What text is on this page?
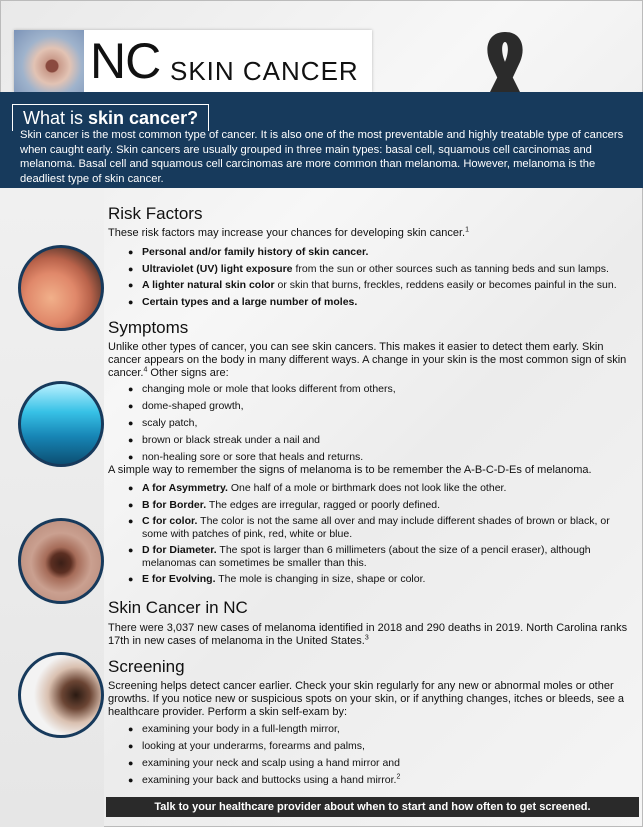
NC SKIN CANCER
What is skin cancer?
Skin cancer is the most common type of cancer. It is also one of the most preventable and highly treatable type of cancers when caught early. Skin cancers are usually grouped in three main types: basal cell, squamous cell carcinomas and melanoma. Basal cell and squamous cell carcinomas are more common than melanoma. However, melanoma is the deadliest type of skin cancer.
Risk Factors
These risk factors may increase your chances for developing skin cancer.$^1$
● Personal and/or family history of skin cancer.
● Ultraviolet (UV) light exposure from the sun or other sources such as tanning beds and sun lamps.
● A lighter natural skin color or skin that burns, freckles, reddens easily or becomes painful in the sun.
● Certain types and a large number of moles.
Symptoms
Unlike other types of cancer, you can see skin cancers. This makes it easier to detect them early. Skin cancer appears on the body in many different ways. A change in your skin is the most common sign of skin cancer.$^4$ Other signs are:
● changing mole or mole that looks different from others,
● dome-shaped growth,
● scaly patch,
● brown or black streak under a nail and
● non-healing sore or sore that heals and returns.
A simple way to remember the signs of melanoma is to be remember the A-B-C-D-Es of melanoma.
● A for Asymmetry. One half of a mole or birthmark does not look like the other.
● B for Border. The edges are irregular, ragged or poorly defined.
● C for color. The color is not the same all over and may include different shades of brown or black, or some with patches of pink, red, white or blue.
● D for Diameter. The spot is larger than 6 millimeters (about the size of a pencil eraser), although melanomas can sometimes be smaller than this.
● E for Evolving. The mole is changing in size, shape or color.
Skin Cancer in NC
There were 3,037 new cases of melanoma identified in 2018 and 290 deaths in 2019. North Carolina ranks 17th in new cases of melanoma in the United States.$^3$
Screening
Screening helps detect cancer earlier. Check your skin regularly for any new or abnormal moles or other growths. If you notice new or suspicious spots on your skin, or if anything changes, itches or bleeds, see a healthcare provider. Perform a skin self-exam by:
● examining your body in a full-length mirror,
● looking at your underarms, forearms and palms,
● examining your neck and scalp using a hand mirror and
● examining your back and buttocks using a hand mirror.$^2$
Talk to your healthcare provider about when to start and how often to get screened.
